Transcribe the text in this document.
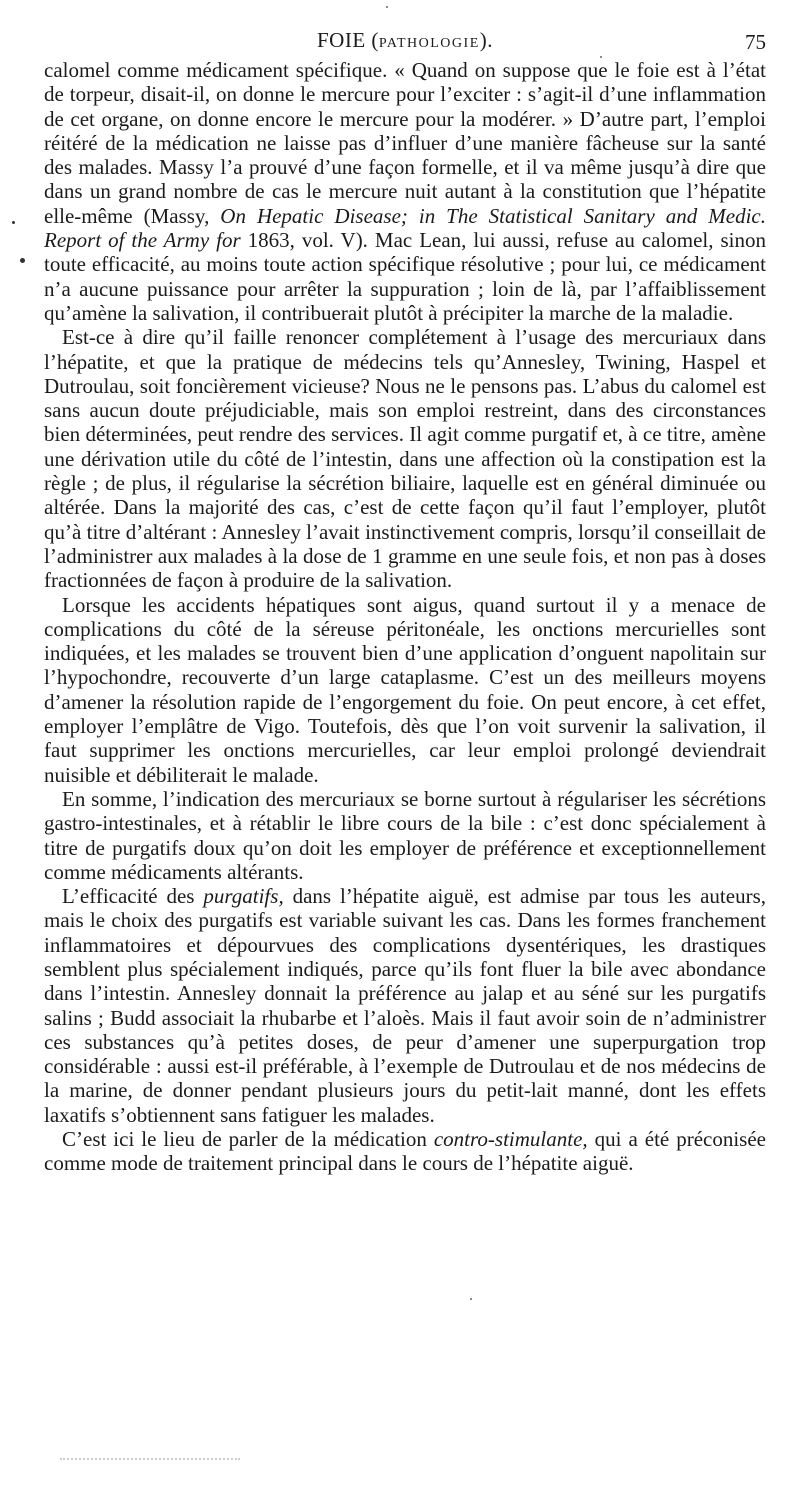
FOIE (PATHOLOGIE).	75

calomel comme médicament spécifique. « Quand on suppose que le foie est à l’état de torpeur, disait-il, on donne le mercure pour l’exciter : s’agit-il d’une inflammation de cet organe, on donne encore le mercure pour la modérer. » D’autre part, l’emploi réitéré de la médication ne laisse pas d’influer d’une manière fâcheuse sur la santé des malades. Massy l’a prouvé d’une façon formelle, et il va même jusqu’à dire que dans un grand nombre de cas le mercure nuit autant à la constitution que l’hépatite elle-même (Massy, On Hepatic Disease; in The Statistical Sanitary and Medic. Report of the Army for 1863, vol. V). Mac Lean, lui aussi, refuse au calomel, sinon toute efficacité, au moins toute action spécifique résolutive ; pour lui, ce médicament n’a aucune puissance pour arrêter la suppuration ; loin de là, par l’affaiblissement qu’amène la salivation, il contribuerait plutôt à précipiter la marche de la maladie.

Est-ce à dire qu’il faille renoncer complétement à l’usage des mercuriaux dans l’hépatite, et que la pratique de médecins tels qu’Annesley, Twining, Haspel et Dutroulau, soit foncièrement vicieuse? Nous ne le pensons pas. L’abus du calomel est sans aucun doute préjudiciable, mais son emploi restreint, dans des circonstances bien déterminées, peut rendre des services. Il agit comme purgatif et, à ce titre, amène une dérivation utile du côté de l’intestin, dans une affection où la constipation est la règle ; de plus, il régularise la sécrétion biliaire, laquelle est en général diminuée ou altérée. Dans la majorité des cas, c’est de cette façon qu’il faut l’employer, plutôt qu’à titre d’altérant : Annesley l’avait instinctivement compris, lorsqu’il conseillait de l’administrer aux malades à la dose de 1 gramme en une seule fois, et non pas à doses fractionnées de façon à produire de la salivation.

Lorsque les accidents hépatiques sont aigus, quand surtout il y a menace de complications du côté de la séreuse péritonéale, les onctions mercurielles sont indiquées, et les malades se trouvent bien d’une application d’onguent napolitain sur l’hypochondre, recouverte d’un large cataplasme. C’est un des meilleurs moyens d’amener la résolution rapide de l’engorgement du foie. On peut encore, à cet effet, employer l’emplâtre de Vigo. Toutefois, dès que l’on voit survenir la salivation, il faut supprimer les onctions mercurielles, car leur emploi prolongé deviendrait nuisible et débiliterait le malade.

En somme, l’indication des mercuriaux se borne surtout à régulariser les sécrétions gastro-intestinales, et à rétablir le libre cours de la bile : c’est donc spécialement à titre de purgatifs doux qu’on doit les employer de préférence et exceptionnellement comme médicaments altérants.

L’efficacité des purgatifs, dans l’hépatite aiguë, est admise par tous les auteurs, mais le choix des purgatifs est variable suivant les cas. Dans les formes franchement inflammatoires et dépourvues des complications dysentériques, les drastiques semblent plus spécialement indiqués, parce qu’ils font fluer la bile avec abondance dans l’intestin. Annesley donnait la préférence au jalap et au séné sur les purgatifs salins ; Budd associait la rhubarbe et l’aloès. Mais il faut avoir soin de n’administrer ces substances qu’à petites doses, de peur d’amener une superpurgation trop considérable : aussi est-il préférable, à l’exemple de Dutroulau et de nos médecins de la marine, de donner pendant plusieurs jours du petit-lait manné, dont les effets laxatifs s’obtiennent sans fatiguer les malades.

C’est ici le lieu de parler de la médication contro-stimulante, qui a été préconisée comme mode de traitement principal dans le cours de l’hépatite aiguë.
